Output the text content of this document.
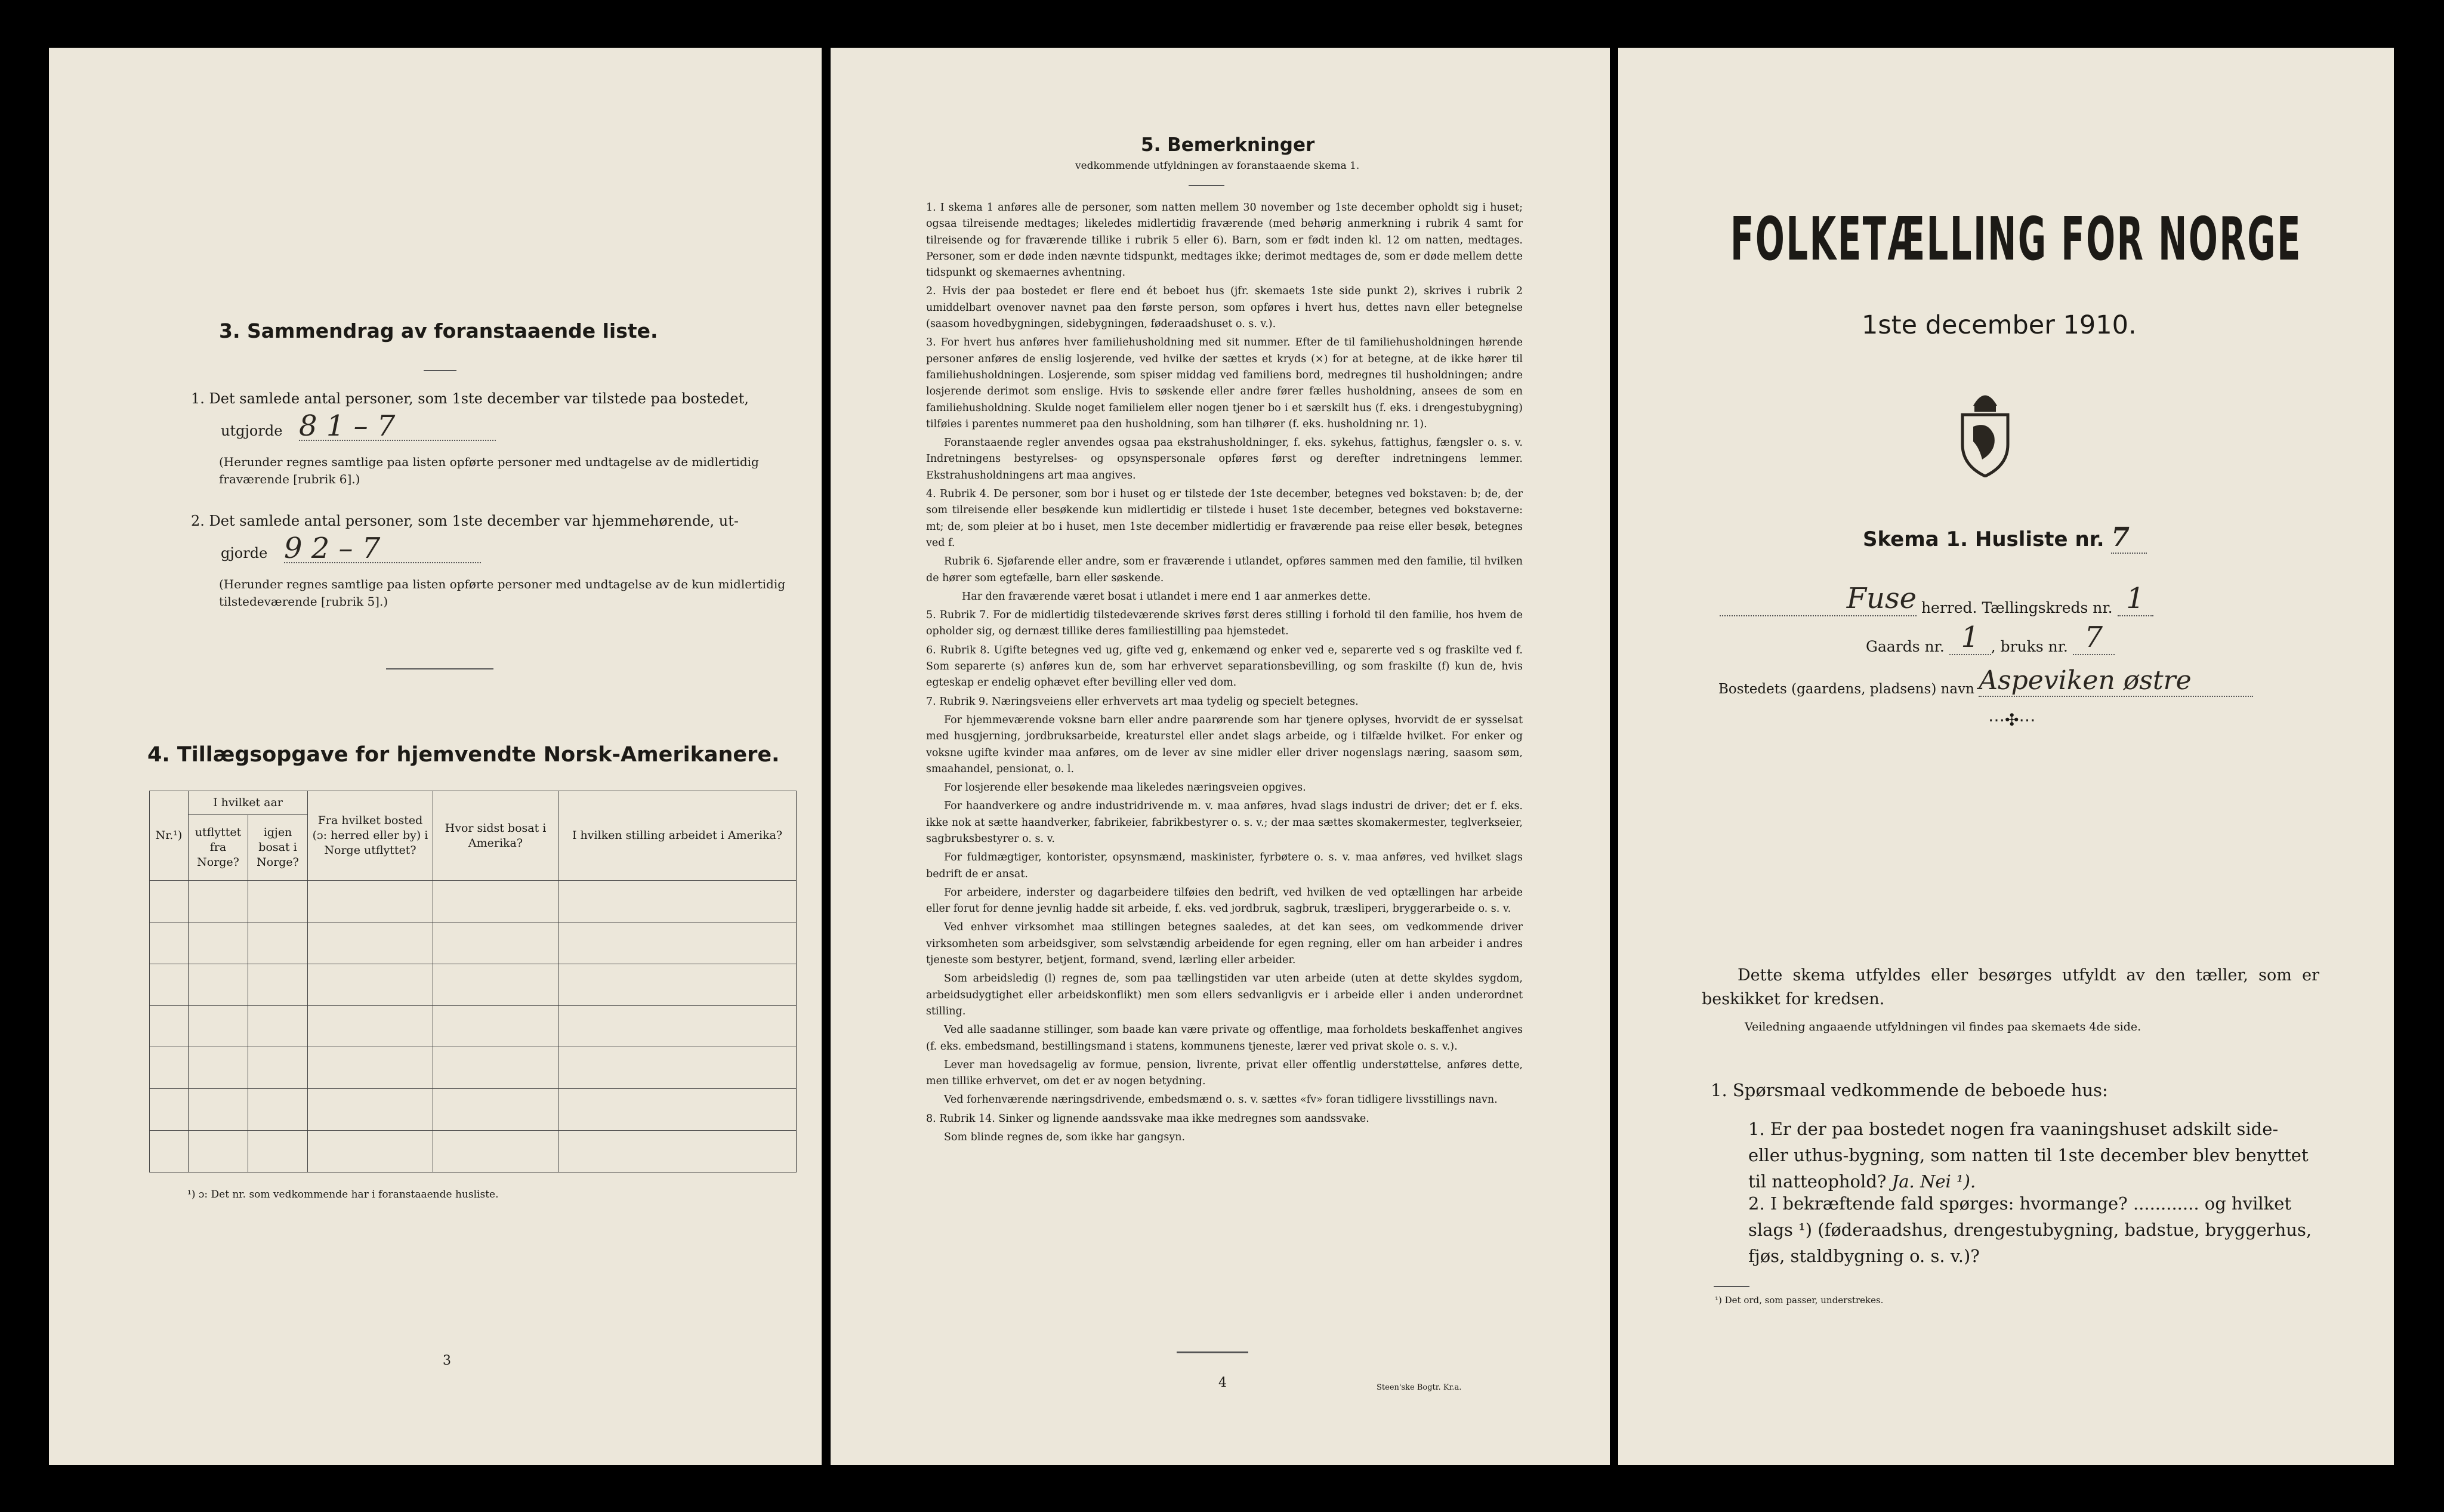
3. Sammendrag av foranstaaende liste.
1. Det samlede antal personer, som 1ste december var tilstede paa bostedet,
utgjorde 8 1 – 7
(Herunder regnes samtlige paa listen opførte personer med undtagelse av de midlertidig fraværende [rubrik 6].)
2. Det samlede antal personer, som 1ste december var hjemmehørende, ut-
gjorde 9 2 – 7
(Herunder regnes samtlige paa listen opførte personer med undtagelse av de kun midlertidig tilstedeværende [rubrik 5].)
4. Tillægsopgave for hjemvendte Norsk-Amerikanere.
Nr.¹)	I hvilket aar		Fra hvilket bosted (ɔ: herred eller by) i Norge utflyttet?	Hvor sidst bosat i Amerika?	I hvilken stilling arbeidet i Amerika?
	utflyttet fra Norge?	igjen bosat i Norge?			

¹) ɔ: Det nr. som vedkommende har i foranstaaende husliste.
3
5. Bemerkninger
vedkommende utfyldningen av foranstaaende skema 1.

1. I skema 1 anføres alle de personer, som natten mellem 30 november og 1ste december opholdt sig i huset; ogsaa tilreisende medtages; likeledes midlertidig fraværende (med behørig anmerkning i rubrik 4 samt for tilreisende og for fraværende tillike i rubrik 5 eller 6). Barn, som er født inden kl. 12 om natten, medtages. Personer, som er døde inden nævnte tidspunkt, medtages ikke; derimot medtages de, som er døde mellem dette tidspunkt og skemaernes avhentning.

2. Hvis der paa bostedet er flere end ét beboet hus (jfr. skemaets 1ste side punkt 2), skrives i rubrik 2 umiddelbart ovenover navnet paa den første person, som opføres i hvert hus, dettes navn eller betegnelse (saasom hovedbygningen, sidebygningen, føderaadshuset o. s. v.).

3. For hvert hus anføres hver familiehusholdning med sit nummer. Efter de til familiehusholdningen hørende personer anføres de enslig losjerende, ved hvilke der sættes et kryds (×) for at betegne, at de ikke hører til familiehusholdningen. Losjerende, som spiser middag ved familiens bord, medregnes til husholdningen; andre losjerende derimot som enslige. Hvis to søskende eller andre fører fælles husholdning, ansees de som en familiehusholdning. Skulde noget familielem eller nogen tjener bo i et særskilt hus (f. eks. i drengestubygning) tilføies i parentes nummeret paa den husholdning, som han tilhører (f. eks. husholdning nr. 1).

Foranstaaende regler anvendes ogsaa paa ekstrahusholdninger, f. eks. sykehus, fattighus, fængsler o. s. v. Indretningens bestyrelses- og opsynspersonale opføres først og derefter indretningens lemmer. Ekstrahusholdningens art maa angives.

4. Rubrik 4. De personer, som bor i huset og er tilstede der 1ste december, betegnes ved bokstaven: b; de, der som tilreisende eller besøkende kun midlertidig er tilstede i huset 1ste december, betegnes ved bokstaverne: mt; de, som pleier at bo i huset, men 1ste december midlertidig er fraværende paa reise eller besøk, betegnes ved f.

Rubrik 6. Sjøfarende eller andre, som er fraværende i utlandet, opføres sammen med den familie, til hvilken de hører som egtefælle, barn eller søskende.

Har den fraværende været bosat i utlandet i mere end 1 aar anmerkes dette.

5. Rubrik 7. For de midlertidig tilstedeværende skrives først deres stilling i forhold til den familie, hos hvem de opholder sig, og dernæst tillike deres familiestilling paa hjemstedet.

6. Rubrik 8. Ugifte betegnes ved ug, gifte ved g, enkemænd og enker ved e, separerte ved s og fraskilte ved f. Som separerte (s) anføres kun de, som har erhvervet separationsbevilling, og som fraskilte (f) kun de, hvis egteskap er endelig ophævet efter bevilling eller ved dom.

7. Rubrik 9. Næringsveiens eller erhvervets art maa tydelig og specielt betegnes.

For hjemmeværende voksne barn eller andre paarørende som har tjenere oplyses, hvorvidt de er sysselsat med husgjerning, jordbruksarbeide, kreaturstel eller andet slags arbeide, og i tilfælde hvilket. For enker og voksne ugifte kvinder maa anføres, om de lever av sine midler eller driver nogenslags næring, saasom søm, smaahandel, pensionat, o. l.

For losjerende eller besøkende maa likeledes næringsveien opgives.

For haandverkere og andre industridrivende m. v. maa anføres, hvad slags industri de driver; det er f. eks. ikke nok at sætte haandverker, fabrikeier, fabrikbestyrer o. s. v.; der maa sættes skomakermester, teglverkseier, sagbruksbestyrer o. s. v.

For fuldmægtiger, kontorister, opsynsmænd, maskinister, fyrbøtere o. s. v. maa anføres, ved hvilket slags bedrift de er ansat.

For arbeidere, inderster og dagarbeidere tilføies den bedrift, ved hvilken de ved optællingen har arbeide eller forut for denne jevnlig hadde sit arbeide, f. eks. ved jordbruk, sagbruk, træsliperi, bryggerarbeide o. s. v.

Ved enhver virksomhet maa stillingen betegnes saaledes, at det kan sees, om vedkommende driver virksomheten som arbeidsgiver, som selvstændig arbeidende for egen regning, eller om han arbeider i andres tjeneste som bestyrer, betjent, formand, svend, lærling eller arbeider.

Som arbeidsledig (l) regnes de, som paa tællingstiden var uten arbeide (uten at dette skyldes sygdom, arbeidsudygtighet eller arbeidskonflikt) men som ellers sedvanligvis er i arbeide eller i anden underordnet stilling.

Ved alle saadanne stillinger, som baade kan være private og offentlige, maa forholdets beskaffenhet angives (f. eks. embedsmand, bestillingsmand i statens, kommunens tjeneste, lærer ved privat skole o. s. v.).

Lever man hovedsagelig av formue, pension, livrente, privat eller offentlig understøttelse, anføres dette, men tillike erhvervet, om det er av nogen betydning.

Ved forhenværende næringsdrivende, embedsmænd o. s. v. sættes «fv» foran tidligere livsstillings navn.

8. Rubrik 14. Sinker og lignende aandssvake maa ikke medregnes som aandssvake.

Som blinde regnes de, som ikke har gangsyn.

4	Steen'ske Bogtr. Kr.a.
FOLKETÆLLING FOR NORGE
1ste december 1910.
Skema 1. Husliste nr. 7
Fuse herred. Tællingskreds nr. 1
Gaards nr. 1 , bruks nr. 7
Bostedets (gaardens, pladsens) navn Aspeviken østre
⋯✣⋯
Dette skema utfyldes eller besørges utfyldt av den tæller, som er beskikket for kredsen.
Veiledning angaaende utfyldningen vil findes paa skemaets 4de side.
1. Spørsmaal vedkommende de beboede hus:
1. Er der paa bostedet nogen fra vaaningshuset adskilt side- eller uthus-bygning, som natten til 1ste december blev benyttet til natteophold? Ja. Nei ¹).
2. I bekræftende fald spørges: hvormange? ............ og hvilket slags ¹) (føderaadshus, drengestubygning, badstue, bryggerhus, fjøs, staldbygning o. s. v.)?
¹) Det ord, som passer, understrekes.
